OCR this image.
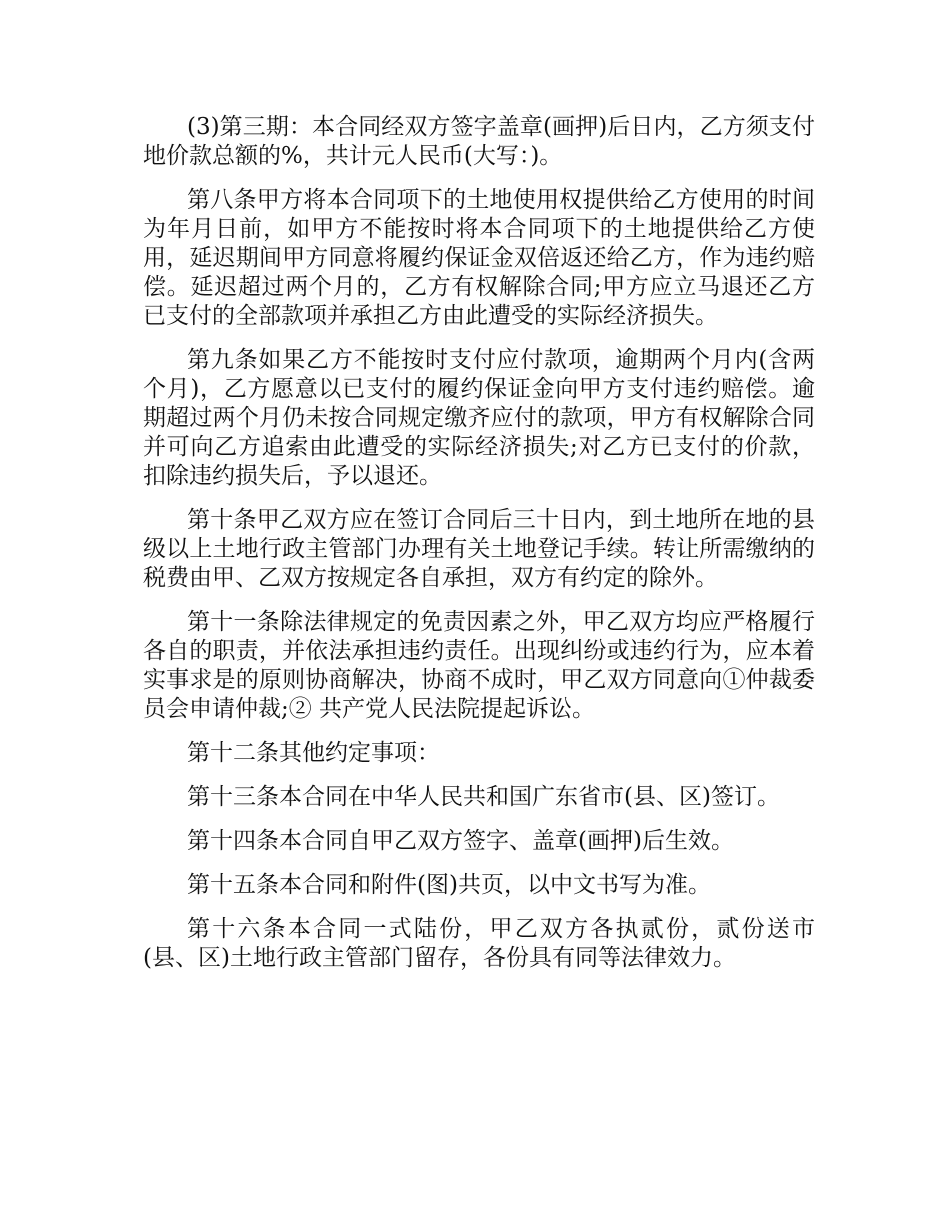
(3)第三期：本合同经双方签字盖章(画押)后日内，乙方须支付地价款总额的%，共计元人民币(大写：)。

第八条甲方将本合同项下的土地使用权提供给乙方使用的时间为年月日前，如甲方不能按时将本合同项下的土地提供给乙方使用，延迟期间甲方同意将履约保证金双倍返还给乙方，作为违约赔偿。延迟超过两个月的，乙方有权解除合同;甲方应立马退还乙方已支付的全部款项并承担乙方由此遭受的实际经济损失。

第九条如果乙方不能按时支付应付款项，逾期两个月内(含两个月)，乙方愿意以已支付的履约保证金向甲方支付违约赔偿。逾期超过两个月仍未按合同规定缴齐应付的款项，甲方有权解除合同并可向乙方追索由此遭受的实际经济损失;对乙方已支付的价款，扣除违约损失后，予以退还。

第十条甲乙双方应在签订合同后三十日内，到土地所在地的县级以上土地行政主管部门办理有关土地登记手续。转让所需缴纳的税费由甲、乙双方按规定各自承担，双方有约定的除外。

第十一条除法律规定的免责因素之外，甲乙双方均应严格履行各自的职责，并依法承担违约责任。出现纠纷或违约行为，应本着实事求是的原则协商解决，协商不成时，甲乙双方同意向①仲裁委员会申请仲裁;② 共产党人民法院提起诉讼。

第十二条其他约定事项：

第十三条本合同在中华人民共和国广东省市(县、区)签订。

第十四条本合同自甲乙双方签字、盖章(画押)后生效。

第十五条本合同和附件(图)共页，以中文书写为准。

第十六条本合同一式陆份，甲乙双方各执贰份，贰份送市(县、区)土地行政主管部门留存，各份具有同等法律效力。
